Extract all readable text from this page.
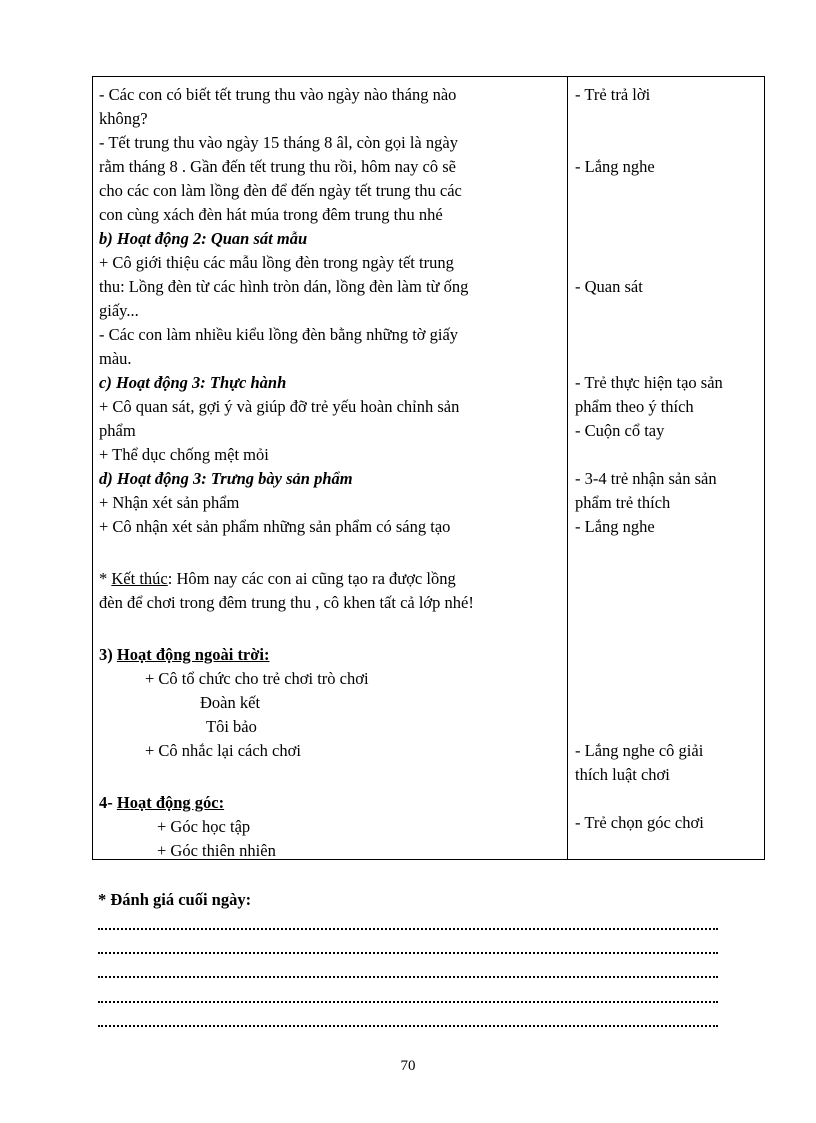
- Các con có biết tết trung thu vào ngày nào tháng nào
không?
- Tết trung thu vào ngày 15 tháng 8 âl, còn gọi là ngày
rằm tháng 8 . Gần đến tết trung thu rồi, hôm nay cô sẽ
cho các con làm lồng đèn để đến ngày tết trung thu các
con cùng xách đèn hát múa trong đêm trung thu nhé
b) Hoạt động 2: Quan sát mẫu
+ Cô giới thiệu các mẫu lồng đèn trong ngày tết trung
thu: Lồng đèn từ các hình tròn dán, lồng đèn làm từ ống
giấy...
- Các con làm nhiều kiểu lồng đèn bằng những tờ giấy
màu.
c) Hoạt động 3: Thực hành
+ Cô quan sát, gợi ý và giúp đỡ trẻ yếu hoàn chỉnh sản
phẩm
+ Thể dục chống mệt mỏi
d) Hoạt động 3: Trưng bày sản phẩm
+ Nhận xét sản phẩm
+ Cô nhận xét sản phẩm những sản phẩm có sáng tạo
* Kết thúc: Hôm nay các con ai cũng tạo ra được lồng
đèn để chơi trong đêm trung thu , cô khen tất cả lớp nhé!
3) Hoạt động ngoài trời:
+ Cô tổ chức cho trẻ chơi trò chơi
Đoàn kết
Tôi bảo
+ Cô nhắc lại cách chơi
4- Hoạt động góc:
+ Góc học tập
+ Góc thiên nhiên
- Trẻ trả lời
- Lắng nghe
- Quan sát
- Trẻ thực hiện tạo sản
phẩm theo ý thích
- Cuộn cổ tay
- 3-4 trẻ nhận sản sản
phẩm trẻ thích
- Lắng nghe
- Lắng nghe cô giải
thích luật chơi
- Trẻ chọn góc chơi
* Đánh giá cuối ngày:
70
